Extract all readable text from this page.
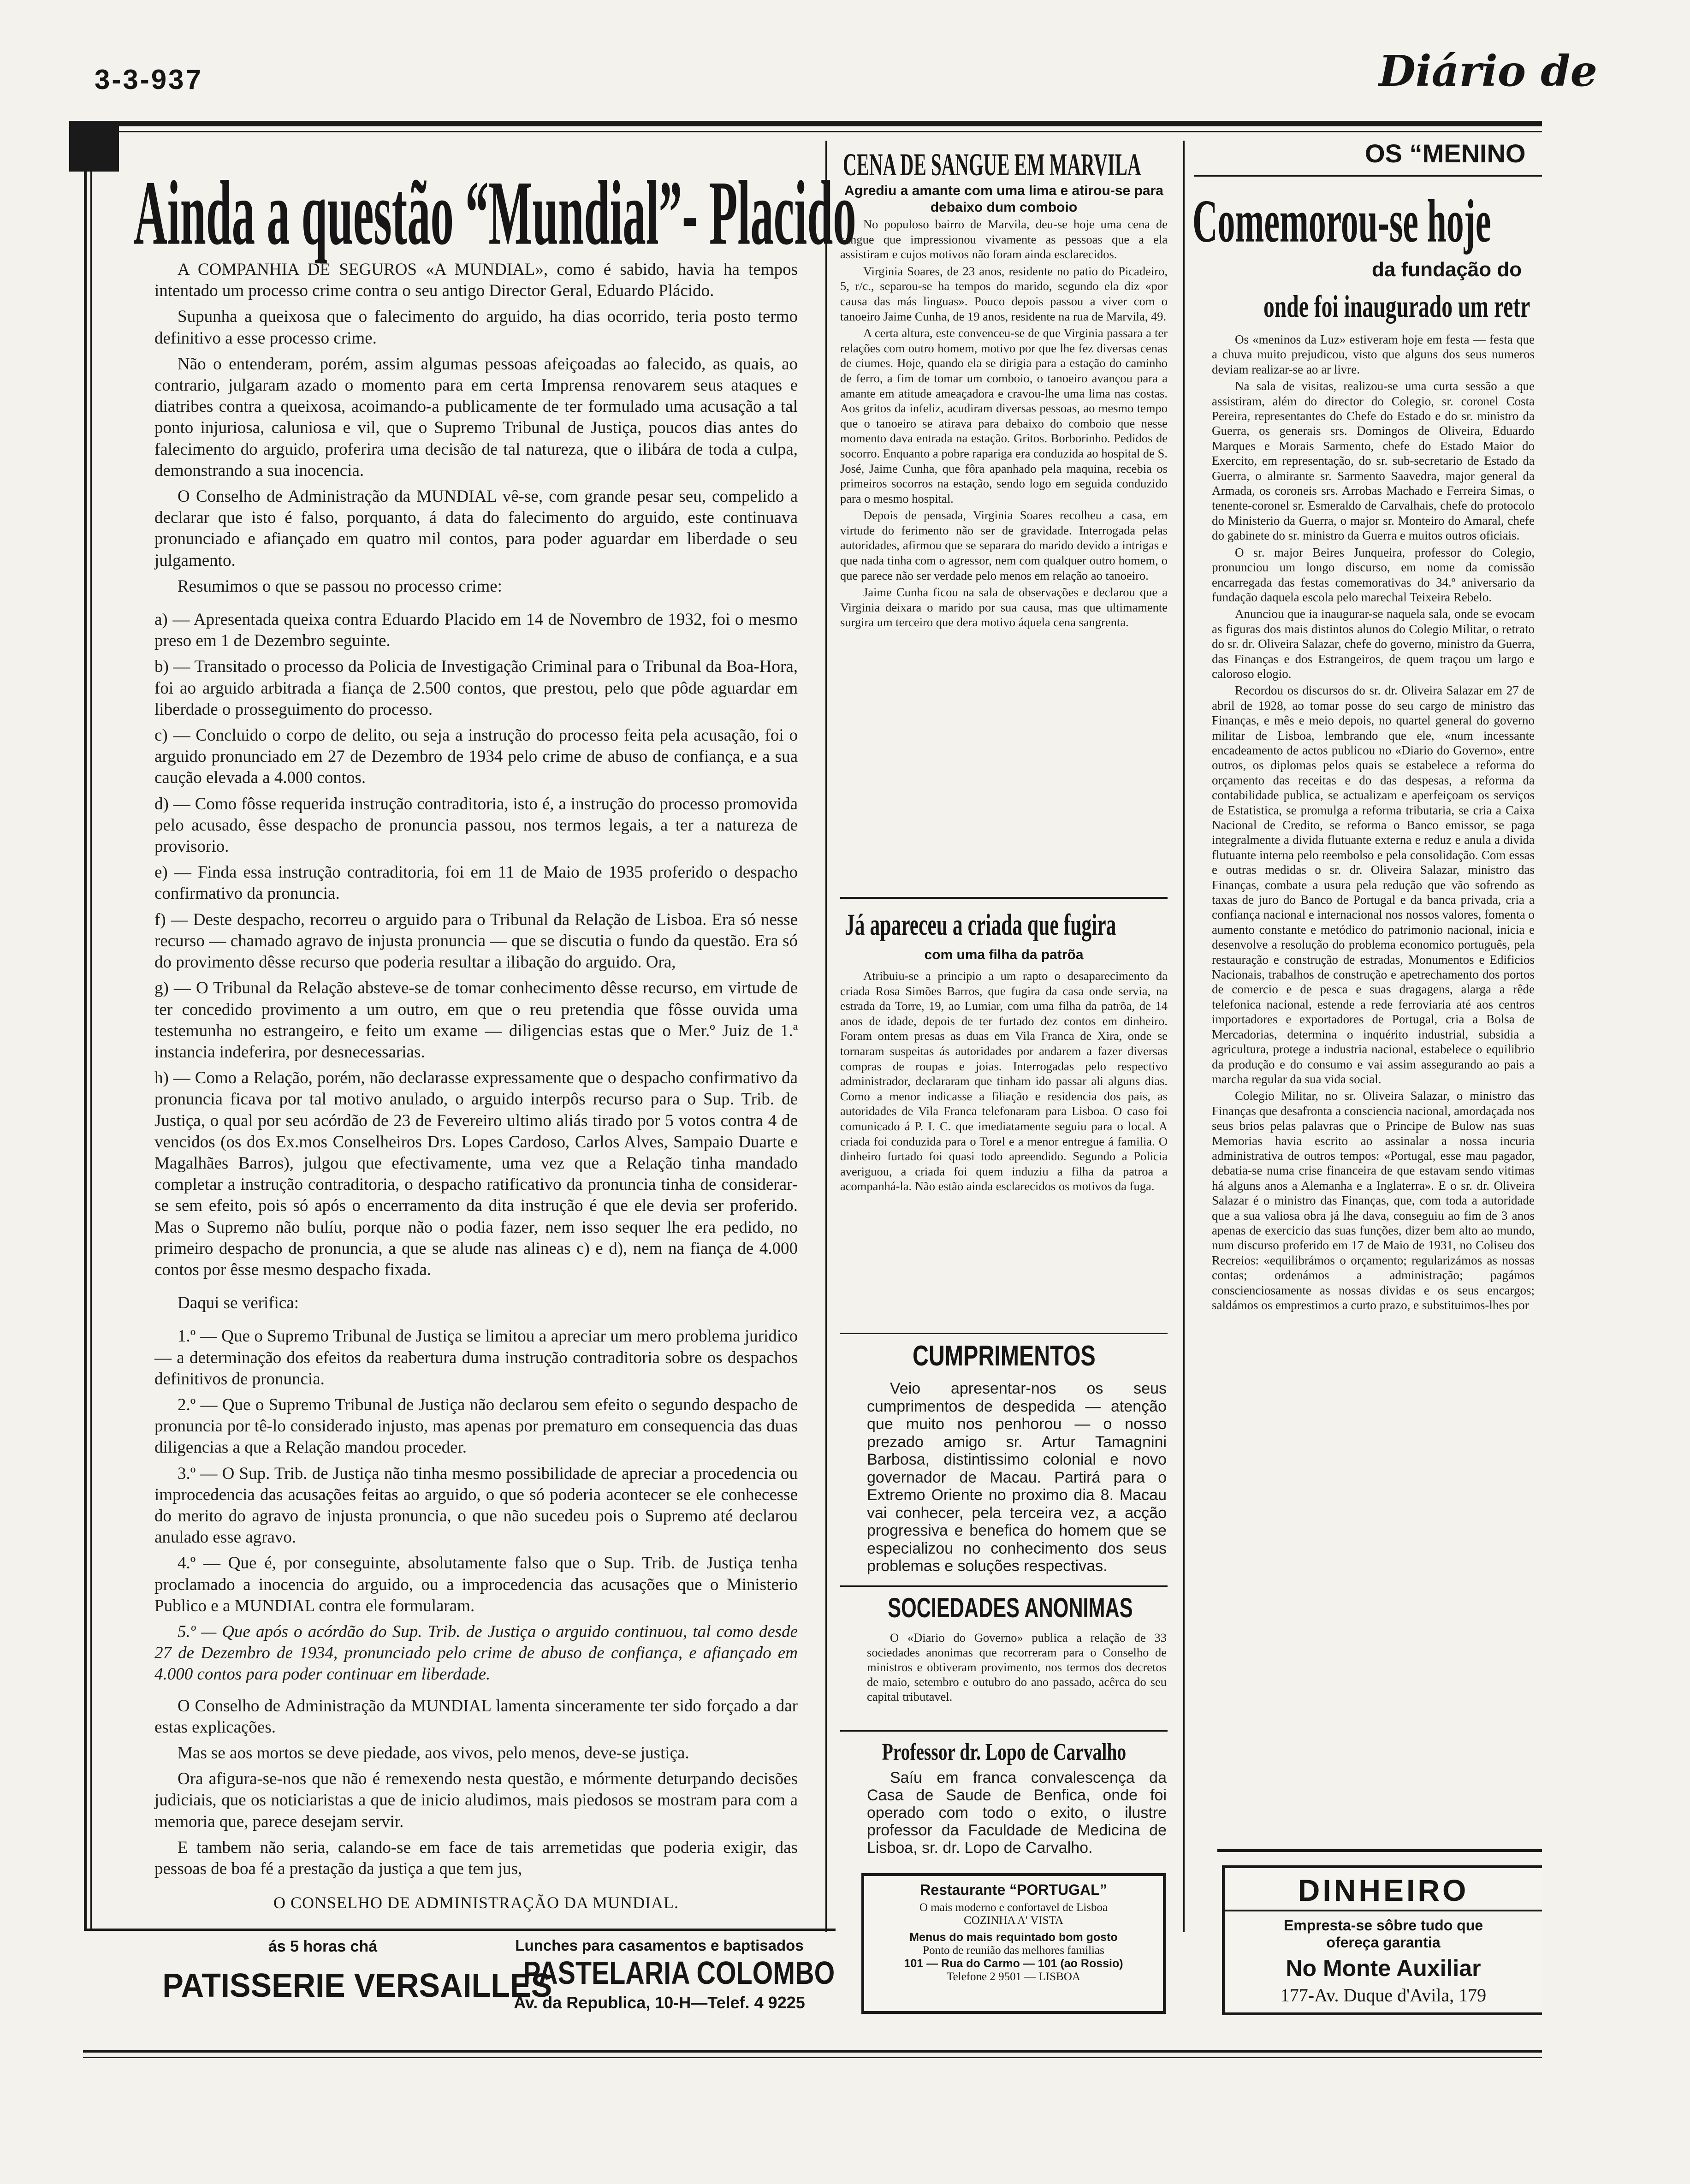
3-3-937	Diário de
Ainda a questão “Mundial”- Placido

A COMPANHIA DE SEGUROS «A MUNDIAL», como é sabido, havia ha tempos intentado um processo crime contra o seu antigo Director Geral, Eduardo Plácido.

Supunha a queixosa que o falecimento do arguido, ha dias ocorrido, teria posto termo definitivo a esse processo crime.

Não o entenderam, porém, assim algumas pessoas afeiçoadas ao falecido, as quais, ao contrario, julgaram azado o momento para em certa Imprensa renovarem seus ataques e diatribes contra a queixosa, acoimando-a publicamente de ter formulado uma acusação a tal ponto injuriosa, caluniosa e vil, que o Supremo Tribunal de Justiça, poucos dias antes do falecimento do arguido, proferira uma decisão de tal natureza, que o ilibára de toda a culpa, demonstrando a sua inocencia.

O Conselho de Administração da MUNDIAL vê-se, com grande pesar seu, compelido a declarar que isto é falso, porquanto, á data do falecimento do arguido, este continuava pronunciado e afiançado em quatro mil contos, para poder aguardar em liberdade o seu julgamento.

Resumimos o que se passou no processo crime:

a) — Apresentada queixa contra Eduardo Placido em 14 de Novembro de 1932, foi o mesmo preso em 1 de Dezembro seguinte.

b) — Transitado o processo da Policia de Investigação Criminal para o Tribunal da Boa-Hora, foi ao arguido arbitrada a fiança de 2.500 contos, que prestou, pelo que pôde aguardar em liberdade o prosseguimento do processo.

c) — Concluido o corpo de delito, ou seja a instrução do processo feita pela acusação, foi o arguido pronunciado em 27 de Dezembro de 1934 pelo crime de abuso de confiança, e a sua caução elevada a 4.000 contos.

d) — Como fôsse requerida instrução contraditoria, isto é, a instrução do processo promovida pelo acusado, êsse despacho de pronuncia passou, nos termos legais, a ter a natureza de provisorio.

e) — Finda essa instrução contraditoria, foi em 11 de Maio de 1935 proferido o despacho confirmativo da pronuncia.

f) — Deste despacho, recorreu o arguido para o Tribunal da Relação de Lisboa. Era só nesse recurso — chamado agravo de injusta pronuncia — que se discutia o fundo da questão. Era só do provimento dêsse recurso que poderia resultar a ilibação do arguido. Ora,

g) — O Tribunal da Relação absteve-se de tomar conhecimento dêsse recurso, em virtude de ter concedido provimento a um outro, em que o reu pretendia que fôsse ouvida uma testemunha no estrangeiro, e feito um exame — diligencias estas que o Mer.º Juiz de 1.ª instancia indeferira, por desnecessarias.

h) — Como a Relação, porém, não declarasse expressamente que o despacho confirmativo da pronuncia ficava por tal motivo anulado, o arguido interpôs recurso para o Sup. Trib. de Justiça, o qual por seu acórdão de 23 de Fevereiro ultimo aliás tirado por 5 votos contra 4 de vencidos (os dos Ex.mos Conselheiros Drs. Lopes Cardoso, Carlos Alves, Sampaio Duarte e Magalhães Barros), julgou que efectivamente, uma vez que a Relação tinha mandado completar a instrução contraditoria, o despacho ratificativo da pronuncia tinha de considerar-se sem efeito, pois só após o encerramento da dita instrução é que ele devia ser proferido. Mas o Supremo não bulíu, porque não o podia fazer, nem isso sequer lhe era pedido, no primeiro despacho de pronuncia, a que se alude nas alineas c) e d), nem na fiança de 4.000 contos por êsse mesmo despacho fixada.

Daqui se verifica:

1.º — Que o Supremo Tribunal de Justiça se limitou a apreciar um mero problema juridico — a determinação dos efeitos da reabertura duma instrução contraditoria sobre os despachos definitivos de pronuncia.

2.º — Que o Supremo Tribunal de Justiça não declarou sem efeito o segundo despacho de pronuncia por tê-lo considerado injusto, mas apenas por prematuro em consequencia das duas diligencias a que a Relação mandou proceder.

3.º — O Sup. Trib. de Justiça não tinha mesmo possibilidade de apreciar a procedencia ou improcedencia das acusações feitas ao arguido, o que só poderia acontecer se ele conhecesse do merito do agravo de injusta pronuncia, o que não sucedeu pois o Supremo até declarou anulado esse agravo.

4.º — Que é, por conseguinte, absolutamente falso que o Sup. Trib. de Justiça tenha proclamado a inocencia do arguido, ou a improcedencia das acusações que o Ministerio Publico e a MUNDIAL contra ele formularam.

5.º — Que após o acórdão do Sup. Trib. de Justiça o arguido continuou, tal como desde 27 de Dezembro de 1934, pronunciado pelo crime de abuso de confiança, e afiançado em 4.000 contos para poder continuar em liberdade.

O Conselho de Administração da MUNDIAL lamenta sinceramente ter sido forçado a dar estas explicações.

Mas se aos mortos se deve piedade, aos vivos, pelo menos, deve-se justiça.

Ora afigura-se-nos que não é remexendo nesta questão, e mórmente deturpando decisões judiciais, que os noticiaristas a que de inicio aludimos, mais piedosos se mostram para com a memoria que, parece desejam servir.

E tambem não seria, calando-se em face de tais arremetidas que poderia exigir, das pessoas de boa fé a prestação da justiça a que tem jus,

O CONSELHO DE ADMINISTRAÇÃO DA MUNDIAL.
ás 5 horas chá
PATISSERIE VERSAILLES
Lunches para casamentos e baptisados
PASTELARIA COLOMBO
Av. da Republica, 10-H—Telef. 4 9225
CENA DE SANGUE EM MARVILA
Agrediu a amante com uma lima e atirou-se para debaixo dum comboio

No populoso bairro de Marvila, deu-se hoje uma cena de sangue que impressionou vivamente as pessoas que a ela assistiram e cujos motivos não foram ainda esclarecidos.

Virginia Soares, de 23 anos, residente no patio do Picadeiro, 5, r/c., separou-se ha tempos do marido, segundo ela diz «por causa das más linguas». Pouco depois passou a viver com o tanoeiro Jaime Cunha, de 19 anos, residente na rua de Marvila, 49.

A certa altura, este convenceu-se de que Virginia passara a ter relações com outro homem, motivo por que lhe fez diversas cenas de ciumes. Hoje, quando ela se dirigia para a estação do caminho de ferro, a fim de tomar um comboio, o tanoeiro avançou para a amante em atitude ameaçadora e cravou-lhe uma lima nas costas. Aos gritos da infeliz, acudiram diversas pessoas, ao mesmo tempo que o tanoeiro se atirava para debaixo do comboio que nesse momento dava entrada na estação. Gritos. Borborinho. Pedidos de socorro. Enquanto a pobre rapariga era conduzida ao hospital de S. José, Jaime Cunha, que fôra apanhado pela maquina, recebia os primeiros socorros na estação, sendo logo em seguida conduzido para o mesmo hospital.

Depois de pensada, Virginia Soares recolheu a casa, em virtude do ferimento não ser de gravidade. Interrogada pelas autoridades, afirmou que se separara do marido devido a intrigas e que nada tinha com o agressor, nem com qualquer outro homem, o que parece não ser verdade pelo menos em relação ao tanoeiro.

Jaime Cunha ficou na sala de observações e declarou que a Virginia deixara o marido por sua causa, mas que ultimamente surgira um terceiro que dera motivo áquela cena sangrenta.

Já apareceu a criada que fugira
com uma filha da patrõa

Atribuiu-se a principio a um rapto o desaparecimento da criada Rosa Simões Barros, que fugira da casa onde servia, na estrada da Torre, 19, ao Lumiar, com uma filha da patrõa, de 14 anos de idade, depois de ter furtado dez contos em dinheiro. Foram ontem presas as duas em Vila Franca de Xira, onde se tornaram suspeitas ás autoridades por andarem a fazer diversas compras de roupas e joias. Interrogadas pelo respectivo administrador, declararam que tinham ido passar ali alguns dias. Como a menor indicasse a filiação e residencia dos pais, as autoridades de Vila Franca telefonaram para Lisboa. O caso foi comunicado á P. I. C. que imediatamente seguiu para o local. A criada foi conduzida para o Torel e a menor entregue á familia. O dinheiro furtado foi quasi todo apreendido. Segundo a Policia averiguou, a criada foi quem induziu a filha da patroa a acompanhá-la. Não estão ainda esclarecidos os motivos da fuga.

CUMPRIMENTOS

Veio apresentar-nos os seus cumprimentos de despedida — atenção que muito nos penhorou — o nosso prezado amigo sr. Artur Tamagnini Barbosa, distintissimo colonial e novo governador de Macau. Partirá para o Extremo Oriente no proximo dia 8. Macau vai conhecer, pela terceira vez, a acção progressiva e benefica do homem que se especializou no conhecimento dos seus problemas e soluções respectivas.

SOCIEDADES ANONIMAS

O «Diario do Governo» publica a relação de 33 sociedades anonimas que recorreram para o Conselho de ministros e obtiveram provimento, nos termos dos decretos de maio, setembro e outubro do ano passado, acêrca do seu capital tributavel.

Professor dr. Lopo de Carvalho

Saíu em franca convalescença da Casa de Saude de Benfica, onde foi operado com todo o exito, o ilustre professor da Faculdade de Medicina de Lisboa, sr. dr. Lopo de Carvalho.

Restaurante “PORTUGAL”
O mais moderno e confortavel de Lisboa
COZINHA A' VISTA
Menus do mais requintado bom gosto
Ponto de reunião das melhores familias
101 — Rua do Carmo — 101 (ao Rossio)
Telefone 2 9501 — LISBOA
OS “MENINO
Comemorou-se hoje
da fundação do
onde foi inaugurado um retr

Os «meninos da Luz» estiveram hoje em festa — festa que a chuva muito prejudicou, visto que alguns dos seus numeros deviam realizar-se ao ar livre.

Na sala de visitas, realizou-se uma curta sessão a que assistiram, além do director do Colegio, sr. coronel Costa Pereira, representantes do Chefe do Estado e do sr. ministro da Guerra, os generais srs. Domingos de Oliveira, Eduardo Marques e Morais Sarmento, chefe do Estado Maior do Exercito, em representação, do sr. sub-secretario de Estado da Guerra, o almirante sr. Sarmento Saavedra, major general da Armada, os coroneis srs. Arrobas Machado e Ferreira Simas, o tenente-coronel sr. Esmeraldo de Carvalhais, chefe do protocolo do Ministerio da Guerra, o major sr. Monteiro do Amaral, chefe do gabinete do sr. ministro da Guerra e muitos outros oficiais.

O sr. major Beires Junqueira, professor do Colegio, pronunciou um longo discurso, em nome da comissão encarregada das festas comemorativas do 34.º aniversario da fundação daquela escola pelo marechal Teixeira Rebelo.

Anunciou que ia inaugurar-se naquela sala, onde se evocam as figuras dos mais distintos alunos do Colegio Militar, o retrato do sr. dr. Oliveira Salazar, chefe do governo, ministro da Guerra, das Finanças e dos Estrangeiros, de quem traçou um largo e caloroso elogio.

Recordou os discursos do sr. dr. Oliveira Salazar em 27 de abril de 1928, ao tomar posse do seu cargo de ministro das Finanças, e mês e meio depois, no quartel general do governo militar de Lisboa, lembrando que ele, «num incessante encadeamento de actos publicou no «Diario do Governo», entre outros, os diplomas pelos quais se estabelece a reforma do orçamento das receitas e do das despesas, a reforma da contabilidade publica, se actualizam e aperfeiçoam os serviços de Estatistica, se promulga a reforma tributaria, se cria a Caixa Nacional de Credito, se reforma o Banco emissor, se paga integralmente a divida flutuante externa e reduz e anula a divida flutuante interna pelo reembolso e pela consolidação. Com essas e outras medidas o sr. dr. Oliveira Salazar, ministro das Finanças, combate a usura pela redução que vão sofrendo as taxas de juro do Banco de Portugal e da banca privada, cria a confiança nacional e internacional nos nossos valores, fomenta o aumento constante e metódico do patrimonio nacional, inicia e desenvolve a resolução do problema economico português, pela restauração e construção de estradas, Monumentos e Edificios Nacionais, trabalhos de construção e apetrechamento dos portos de comercio e de pesca e suas dragagens, alarga a rêde telefonica nacional, estende a rede ferroviaria até aos centros importadores e exportadores de Portugal, cria a Bolsa de Mercadorias, determina o inquérito industrial, subsidia a agricultura, protege a industria nacional, estabelece o equilibrio da produção e do consumo e vai assim assegurando ao pais a marcha regular da sua vida social.

Colegio Militar, no sr. Oliveira Salazar, o ministro das Finanças que desafronta a consciencia nacional, amordaçada nos seus brios pelas palavras que o Principe de Bulow nas suas Memorias havia escrito ao assinalar a nossa incuria administrativa de outros tempos: «Portugal, esse mau pagador, debatia-se numa crise financeira de que estavam sendo vitimas há alguns anos a Alemanha e a Inglaterra». E o sr. dr. Oliveira Salazar é o ministro das Finanças, que, com toda a autoridade que a sua valiosa obra já lhe dava, conseguiu ao fim de 3 anos apenas de exercicio das suas funções, dizer bem alto ao mundo, num discurso proferido em 17 de Maio de 1931, no Coliseu dos Recreios: «equilibrámos o orçamento; regularizámos as nossas contas; ordenámos a administração; pagámos conscienciosamente as nossas dividas e os seus encargos; saldámos os emprestimos a curto prazo, e substituimos-lhes por

DINHEIRO
Empresta-se sôbre tudo que
ofereça garantia
No Monte Auxiliar
177-Av. Duque d'Avila, 179
